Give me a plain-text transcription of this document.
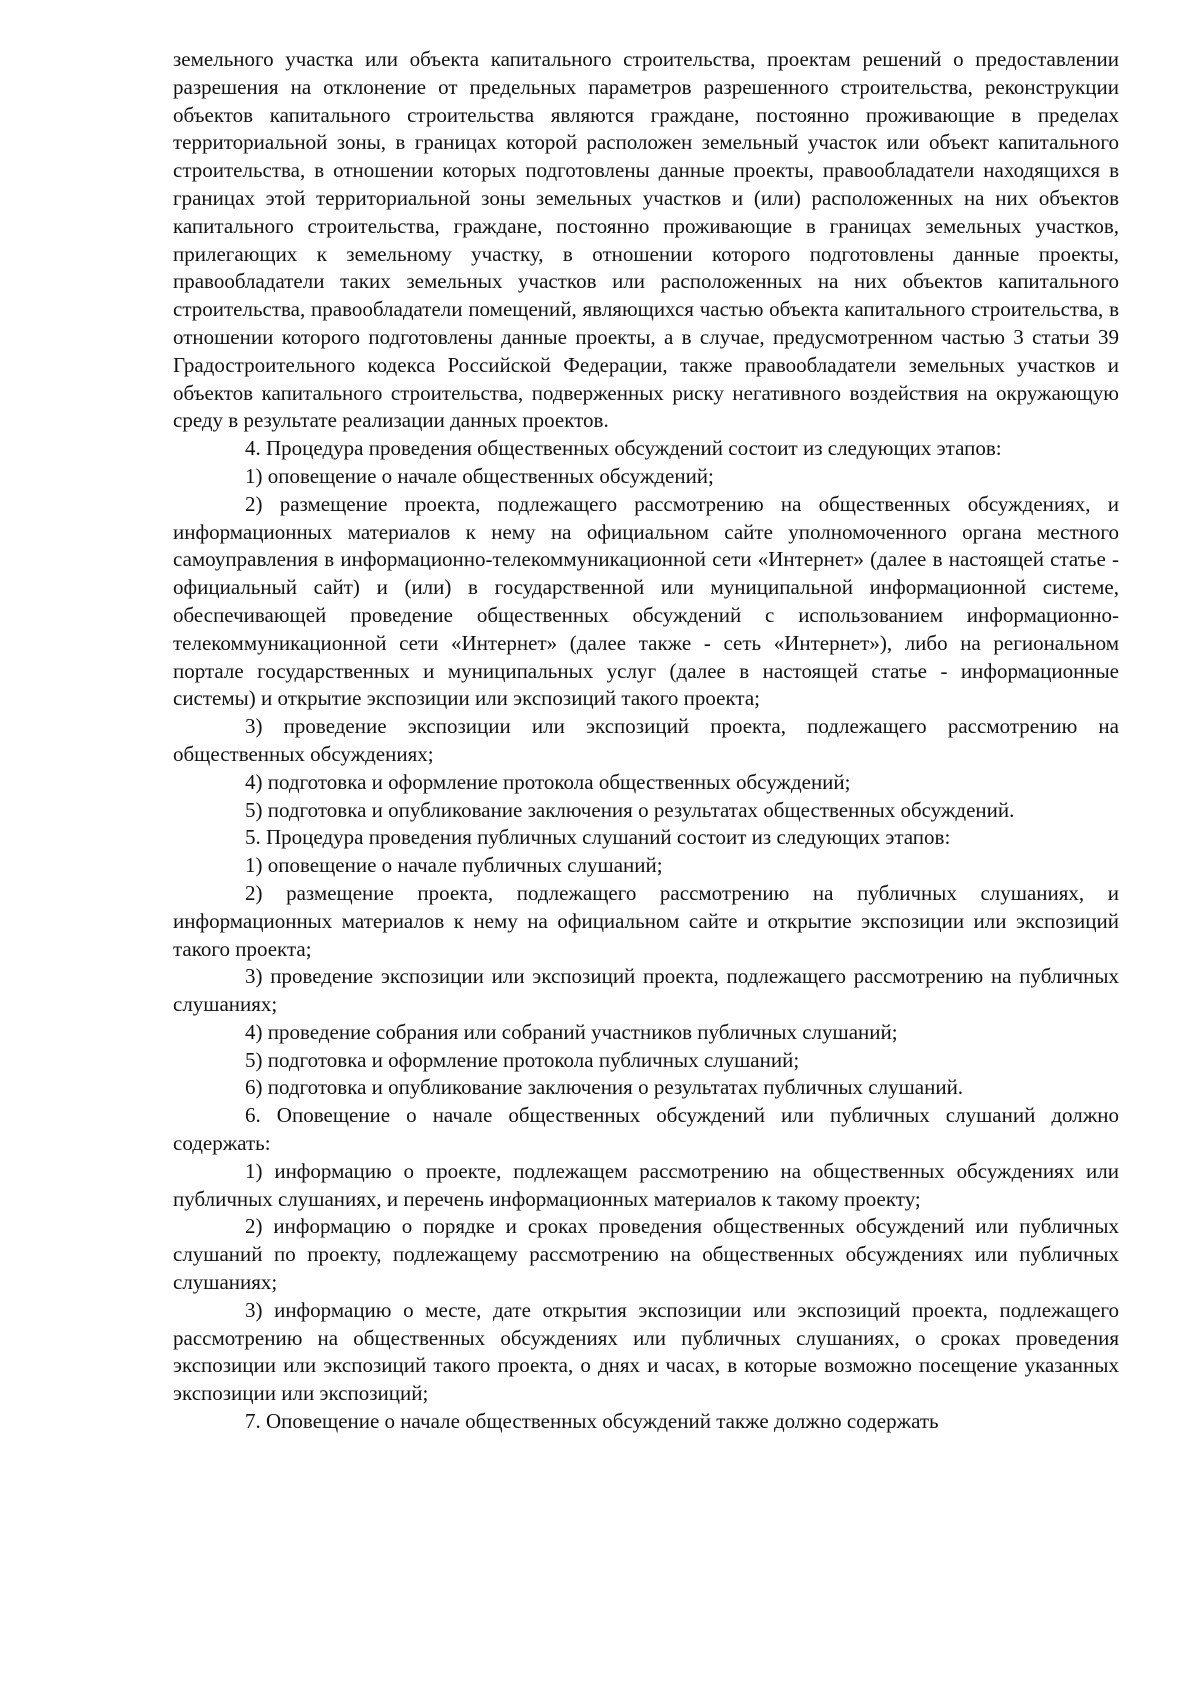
земельного участка или объекта капитального строительства, проектам решений о предоставлении разрешения на отклонение от предельных параметров разрешенного строительства, реконструкции объектов капитального строительства являются граждане, постоянно проживающие в пределах территориальной зоны, в границах которой расположен земельный участок или объект капитального строительства, в отношении которых подготовлены данные проекты, правообладатели находящихся в границах этой территориальной зоны земельных участков и (или) расположенных на них объектов капитального строительства, граждане, постоянно проживающие в границах земельных участков, прилегающих к земельному участку, в отношении которого подготовлены данные проекты, правообладатели таких земельных участков или расположенных на них объектов капитального строительства, правообладатели помещений, являющихся частью объекта капитального строительства, в отношении которого подготовлены данные проекты, а в случае, предусмотренном частью 3 статьи 39 Градостроительного кодекса Российской Федерации, также правообладатели земельных участков и объектов капитального строительства, подверженных риску негативного воздействия на окружающую среду в результате реализации данных проектов.

4. Процедура проведения общественных обсуждений состоит из следующих этапов:

1) оповещение о начале общественных обсуждений;

2) размещение проекта, подлежащего рассмотрению на общественных обсуждениях, и информационных материалов к нему на официальном сайте уполномоченного органа местного самоуправления в информационно-телекоммуникационной сети «Интернет» (далее в настоящей статье - официальный сайт) и (или) в государственной или муниципальной информационной системе, обеспечивающей проведение общественных обсуждений с использованием информационно-телекоммуникационной сети «Интернет» (далее также - сеть «Интернет»), либо на региональном портале государственных и муниципальных услуг (далее в настоящей статье - информационные системы) и открытие экспозиции или экспозиций такого проекта;

3) проведение экспозиции или экспозиций проекта, подлежащего рассмотрению на общественных обсуждениях;

4) подготовка и оформление протокола общественных обсуждений;

5) подготовка и опубликование заключения о результатах общественных обсуждений.

5. Процедура проведения публичных слушаний состоит из следующих этапов:

1) оповещение о начале публичных слушаний;

2) размещение проекта, подлежащего рассмотрению на публичных слушаниях, и информационных материалов к нему на официальном сайте и открытие экспозиции или экспозиций такого проекта;

3) проведение экспозиции или экспозиций проекта, подлежащего рассмотрению на публичных слушаниях;

4) проведение собрания или собраний участников публичных слушаний;

5) подготовка и оформление протокола публичных слушаний;

6) подготовка и опубликование заключения о результатах публичных слушаний.

6. Оповещение о начале общественных обсуждений или публичных слушаний должно содержать:

1) информацию о проекте, подлежащем рассмотрению на общественных обсуждениях или публичных слушаниях, и перечень информационных материалов к такому проекту;

2) информацию о порядке и сроках проведения общественных обсуждений или публичных слушаний по проекту, подлежащему рассмотрению на общественных обсуждениях или публичных слушаниях;

3) информацию о месте, дате открытия экспозиции или экспозиций проекта, подлежащего рассмотрению на общественных обсуждениях или публичных слушаниях, о сроках проведения экспозиции или экспозиций такого проекта, о днях и часах, в которые возможно посещение указанных экспозиции или экспозиций;

7. Оповещение о начале общественных обсуждений также должно содержать
